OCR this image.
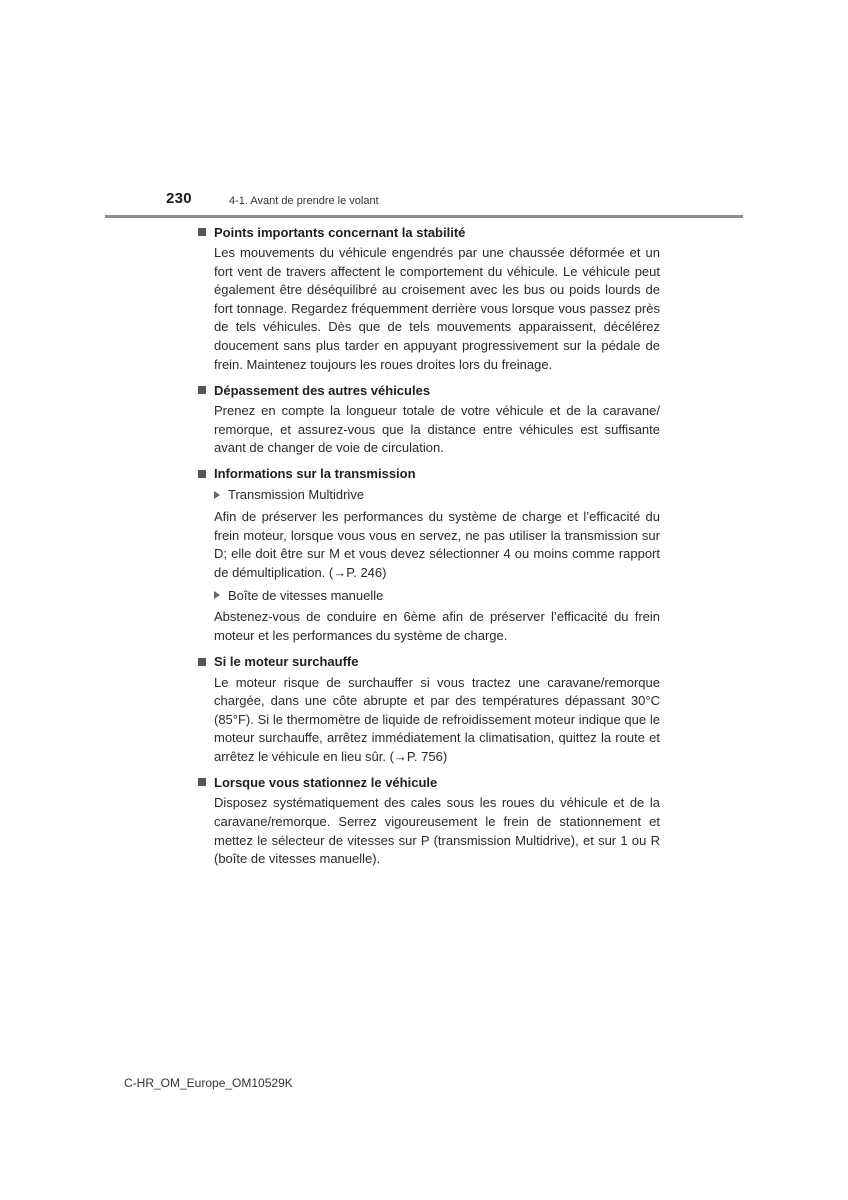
230	4-1. Avant de prendre le volant
Points importants concernant la stabilité

Les mouvements du véhicule engendrés par une chaussée déformée et un fort vent de travers affectent le comportement du véhicule. Le véhicule peut également être déséquilibré au croisement avec les bus ou poids lourds de fort tonnage. Regardez fréquemment derrière vous lorsque vous passez près de tels véhicules. Dès que de tels mouvements apparaissent, décélérez doucement sans plus tarder en appuyant progressivement sur la pédale de frein. Maintenez toujours les roues droites lors du freinage.

Dépassement des autres véhicules

Prenez en compte la longueur totale de votre véhicule et de la caravane/ remorque, et assurez-vous que la distance entre véhicules est suffisante avant de changer de voie de circulation.

Informations sur la transmission
Transmission Multidrive

Afin de préserver les performances du système de charge et l’efficacité du frein moteur, lorsque vous vous en servez, ne pas utiliser la transmission sur D; elle doit être sur M et vous devez sélectionner 4 ou moins comme rapport de démultiplication. (→P. 246)

Boîte de vitesses manuelle

Abstenez-vous de conduire en 6ème afin de préserver l’efficacité du frein moteur et les performances du système de charge.

Si le moteur surchauffe

Le moteur risque de surchauffer si vous tractez une caravane/remorque chargée, dans une côte abrupte et par des températures dépassant 30°C (85°F). Si le thermomètre de liquide de refroidissement moteur indique que le moteur surchauffe, arrêtez immédiatement la climatisation, quittez la route et arrêtez le véhicule en lieu sûr. (→P. 756)

Lorsque vous stationnez le véhicule

Disposez systématiquement des cales sous les roues du véhicule et de la caravane/remorque. Serrez vigoureusement le frein de stationnement et mettez le sélecteur de vitesses sur P (transmission Multidrive), et sur 1 ou R (boîte de vitesses manuelle).

C-HR_OM_Europe_OM10529K
